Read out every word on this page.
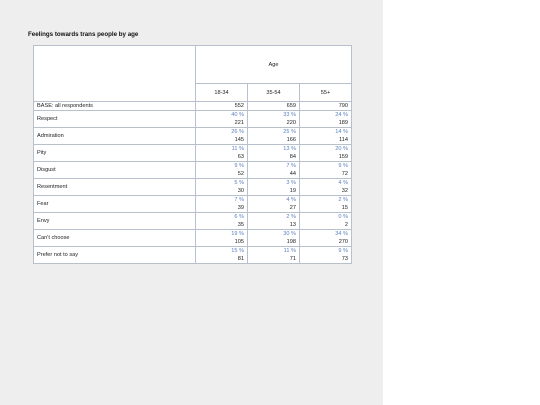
Feelings towards trans people by age
	Age		
	18-34	35-54	55+
BASE: all respondents	552	659	790
Respect	40 %	33 %	24 %
	221	220	189
Admiration	26 %	25 %	14 %
	145	166	114
Pity	11 %	13 %	20 %
	63	84	159
Disgust	9 %	7 %	9 %
	52	44	72
Resentment	5 %	3 %	4 %
	30	19	32
Fear	7 %	4 %	2 %
	39	27	15
Envy	6 %	2 %	0 %
	35	13	2
Can't choose	19 %	30 %	34 %
	105	198	270
Prefer not to say	15 %	11 %	9 %
	81	71	73
